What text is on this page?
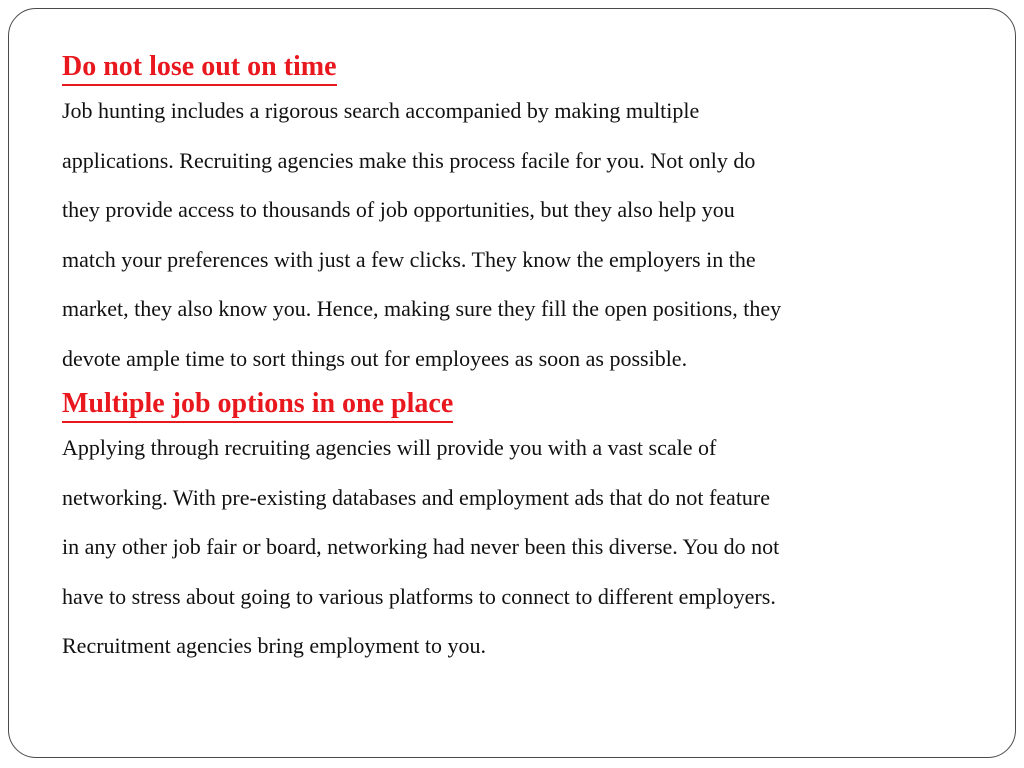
Do not lose out on time

Job hunting includes a rigorous search accompanied by making multiple
applications. Recruiting agencies make this process facile for you. Not only do
they provide access to thousands of job opportunities, but they also help you
match your preferences with just a few clicks. They know the employers in the
market, they also know you. Hence, making sure they fill the open positions, they
devote ample time to sort things out for employees as soon as possible.

Multiple job options in one place

Applying through recruiting agencies will provide you with a vast scale of
networking. With pre-existing databases and employment ads that do not feature
in any other job fair or board, networking had never been this diverse. You do not
have to stress about going to various platforms to connect to different employers.
Recruitment agencies bring employment to you.
